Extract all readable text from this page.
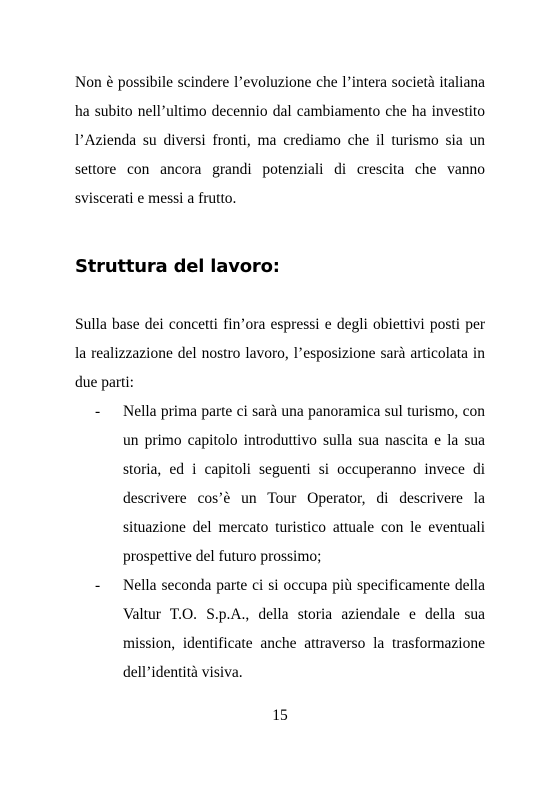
Non è possibile scindere l’evoluzione che l’intera società italiana ha subito nell’ultimo decennio dal cambiamento che ha investito l’Azienda su diversi fronti, ma crediamo che il turismo sia un settore con ancora grandi potenziali di crescita che vanno sviscerati e messi a frutto.

Struttura del lavoro:

Sulla base dei concetti fin’ora espressi e degli obiettivi posti per la realizzazione del nostro lavoro, l’esposizione sarà articolata in due parti:

- Nella prima parte ci sarà una panoramica sul turismo, con un primo capitolo introduttivo sulla sua nascita e la sua storia, ed i capitoli seguenti si occuperanno invece di descrivere cos’è un Tour Operator, di descrivere la situazione del mercato turistico attuale con le eventuali prospettive del futuro prossimo;
- Nella seconda parte ci si occupa più specificamente della Valtur T.O. S.p.A., della storia aziendale e della sua mission, identificate anche attraverso la trasformazione dell’identità visiva.
15
